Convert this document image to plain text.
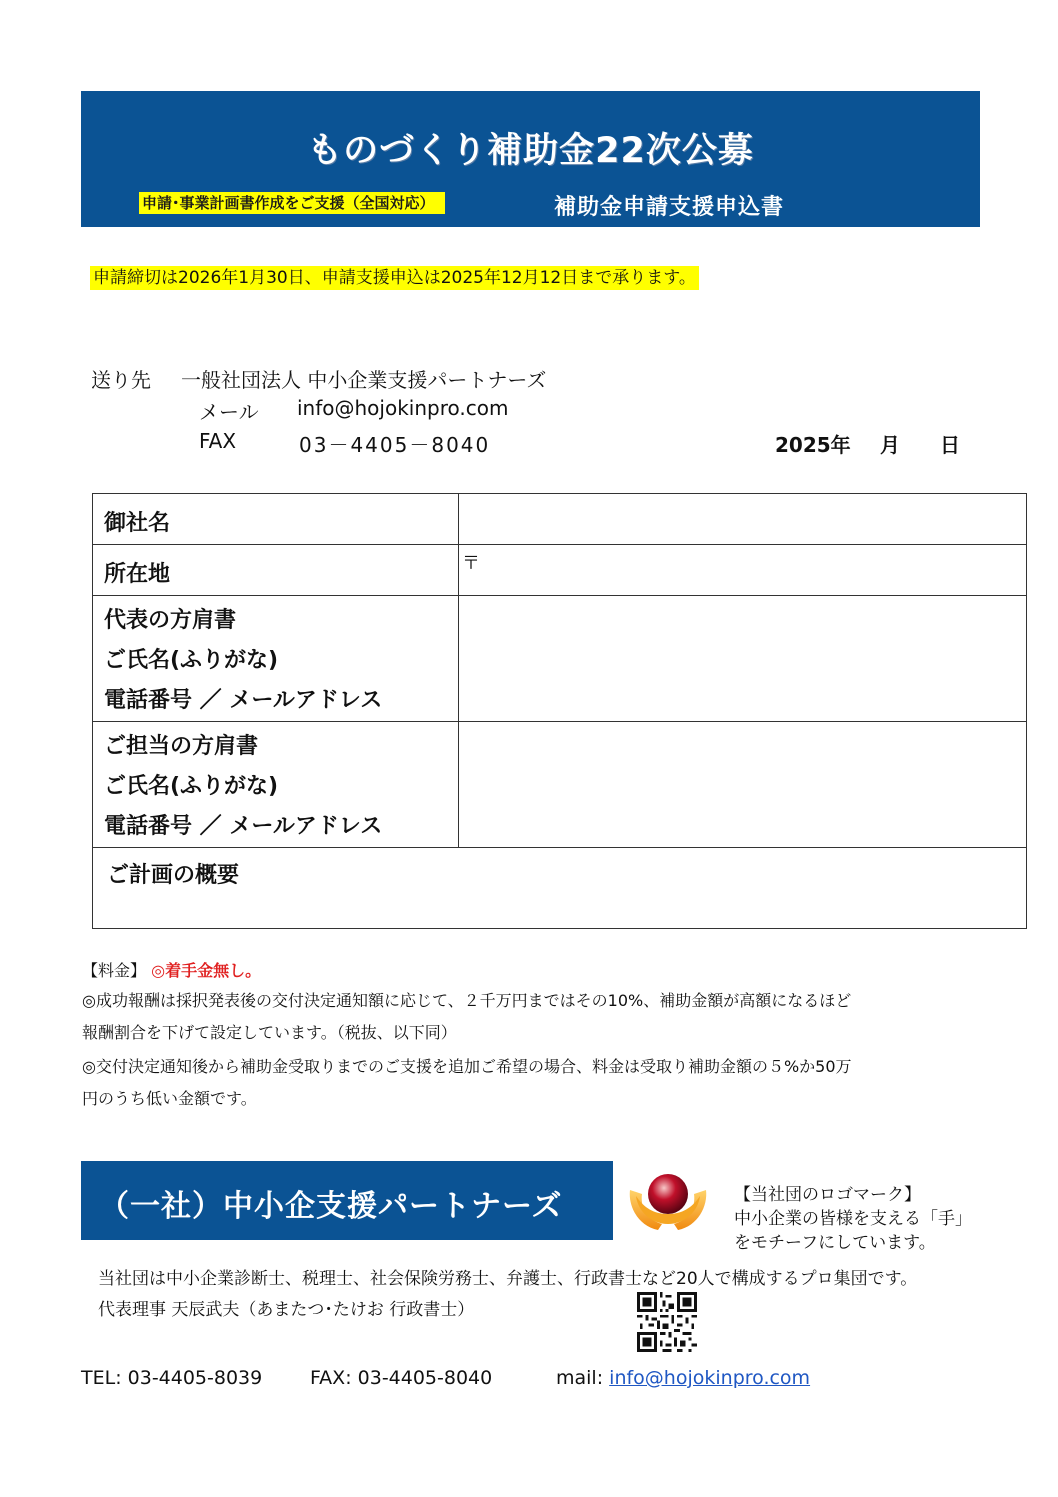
ものづくり補助金22次公募
申請･事業計画書作成をご支援（全国対応）	補助金申請支援申込書
申請締切は2026年1月30日、申請支援申込は2025年12月12日まで承ります。
送り先 一般社団法人 中小企業支援パートナーズ
メール info@hojokinpro.com
FAX	03－4405－8040	2025年 月 日
御社名	

所在地	〒

代表の方肩書
ご氏名(ふりがな)
電話番号 ／ メールアドレス	

ご担当の方肩書
ご氏名(ふりがな)
電話番号 ／ メールアドレス	

ご計画の概要	
【料金】 ◎着手金無し。
◎成功報酬は採択発表後の交付決定通知額に応じて、２千万円まではその10%、補助金額が高額になるほど
報酬割合を下げて設定しています。（税抜、以下同）
◎交付決定通知後から補助金受取りまでのご支援を追加ご希望の場合、料金は受取り補助金額の５%か50万
円のうち低い金額です。
（一社）中小企支援パートナーズ	【当社団のロゴマーク】
中小企業の皆様を支える「手」
をモチーフにしています。
当社団は中小企業診断士、税理士、社会保険労務士、弁護士、行政書士など20人で構成するプロ集団です。
代表理事 天辰武夫（あまたつ･たけお 行政書士）
TEL: 03-4405-8039	FAX: 03-4405-8040	mail: info@hojokinpro.com
